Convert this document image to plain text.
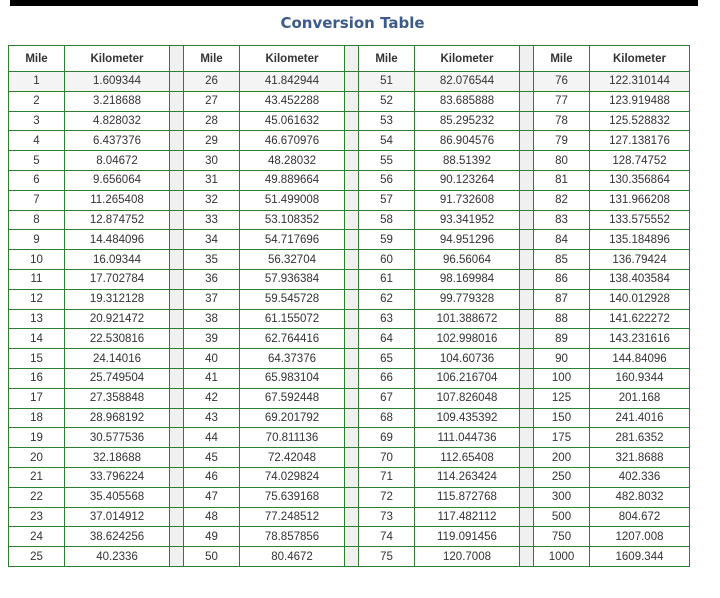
Conversion Table
Mile	Kilometer		Mile	Kilometer		Mile	Kilometer		Mile	Kilometer
1	1.609344		26	41.842944		51	82.076544		76	122.310144
2	3.218688		27	43.452288		52	83.685888		77	123.919488
3	4.828032		28	45.061632		53	85.295232		78	125.528832
4	6.437376		29	46.670976		54	86.904576		79	127.138176
5	8.04672		30	48.28032		55	88.51392		80	128.74752
6	9.656064		31	49.889664		56	90.123264		81	130.356864
7	11.265408		32	51.499008		57	91.732608		82	131.966208
8	12.874752		33	53.108352		58	93.341952		83	133.575552
9	14.484096		34	54.717696		59	94.951296		84	135.184896
10	16.09344		35	56.32704		60	96.56064		85	136.79424
11	17.702784		36	57.936384		61	98.169984		86	138.403584
12	19.312128		37	59.545728		62	99.779328		87	140.012928
13	20.921472		38	61.155072		63	101.388672		88	141.622272
14	22.530816		39	62.764416		64	102.998016		89	143.231616
15	24.14016		40	64.37376		65	104.60736		90	144.84096
16	25.749504		41	65.983104		66	106.216704		100	160.9344
17	27.358848		42	67.592448		67	107.826048		125	201.168
18	28.968192		43	69.201792		68	109.435392		150	241.4016
19	30.577536		44	70.811136		69	111.044736		175	281.6352
20	32.18688		45	72.42048		70	112.65408		200	321.8688
21	33.796224		46	74.029824		71	114.263424		250	402.336
22	35.405568		47	75.639168		72	115.872768		300	482.8032
23	37.014912		48	77.248512		73	117.482112		500	804.672
24	38.624256		49	78.857856		74	119.091456		750	1207.008
25	40.2336		50	80.4672		75	120.7008		1000	1609.344
